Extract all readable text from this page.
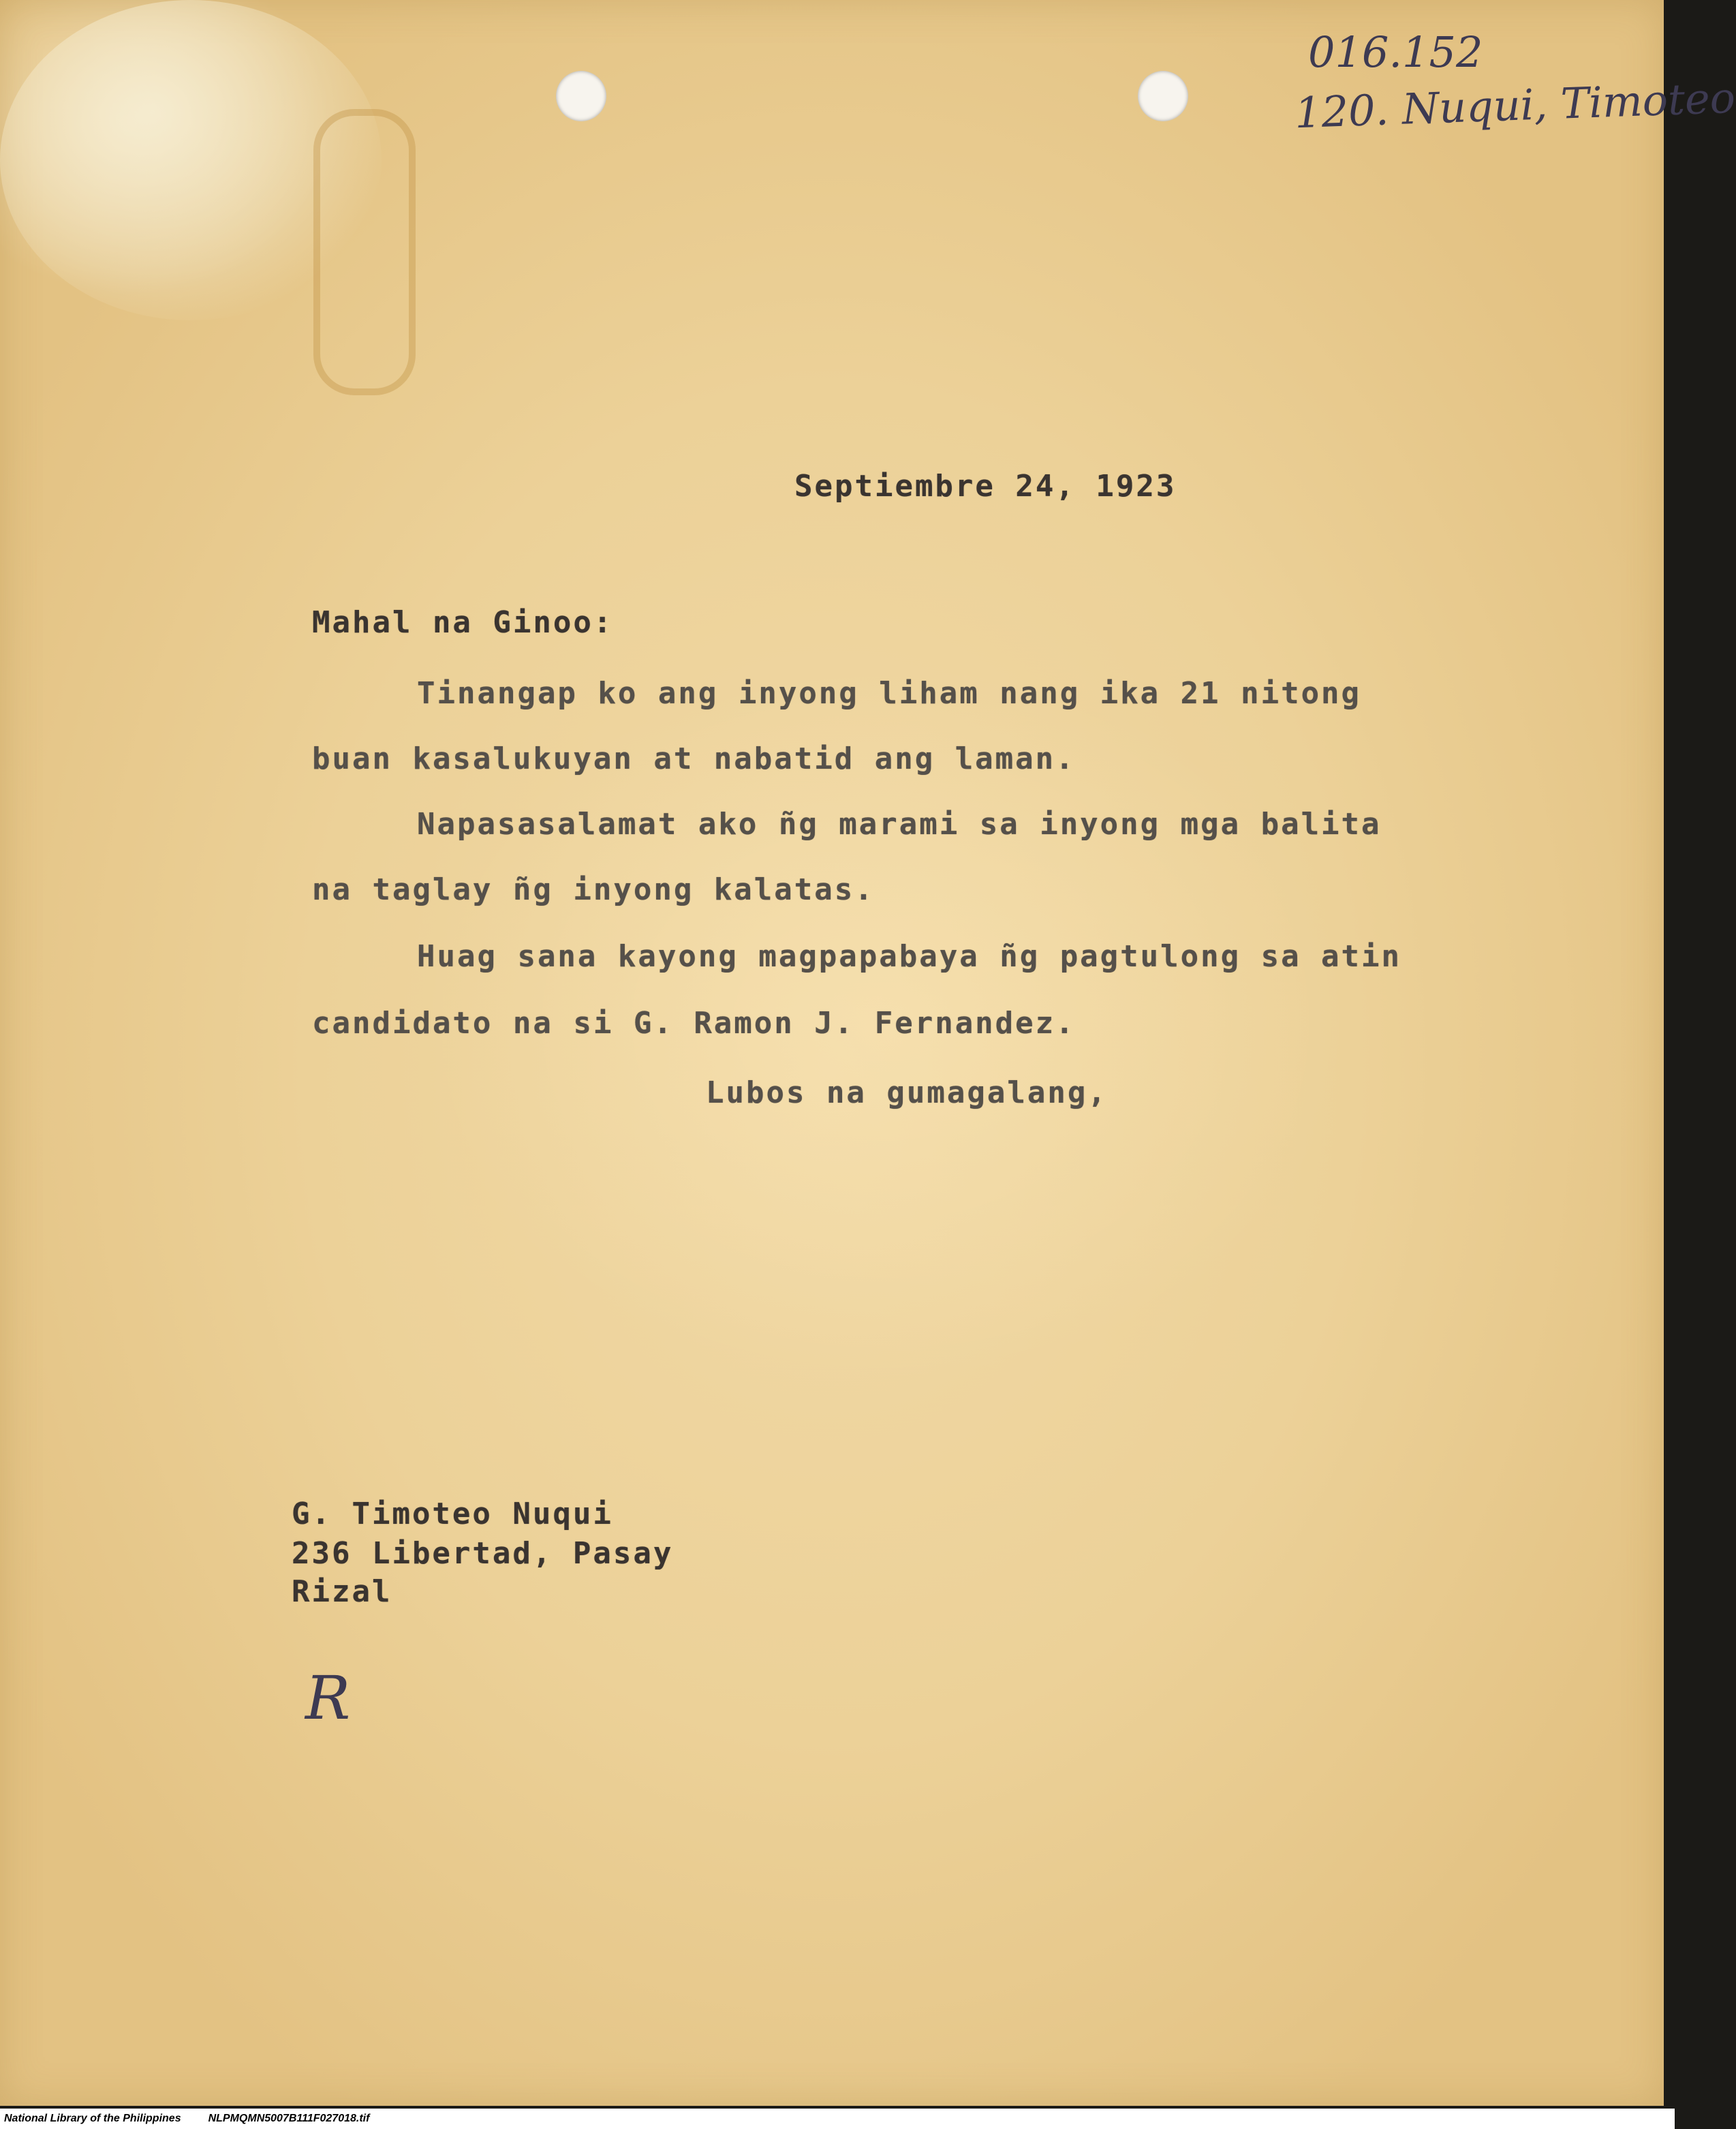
016.152
120. Nuqui, Timoteo
Septiembre 24, 1923
Mahal na Ginoo:
Tinangap ko ang inyong liham nang ika 21 nitong
buan kasalukuyan at nabatid ang laman.
Napasasalamat ako ñg marami sa inyong mga balita
na taglay ñg inyong kalatas.
Huag sana kayong magpapabaya ñg pagtulong sa atin
candidato na si G. Ramon J. Fernandez.
Lubos na gumagalang,
G. Timoteo Nuqui
236 Libertad, Pasay
Rizal
R
National Library of the Philippines	NLPMQMN5007B111F027018.tif
